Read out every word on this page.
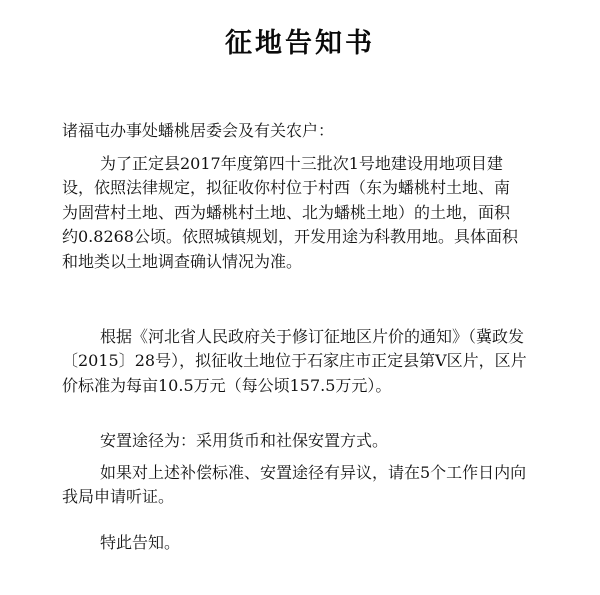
征地告知书
诸福屯办事处蟠桃居委会及有关农户：
为了正定县2017年度第四十三批次1号地建设用地项目建
设，依照法律规定，拟征收你村位于村西（东为蟠桃村土地、南
为固营村土地、西为蟠桃村土地、北为蟠桃土地）的土地，面积
约0.8268公顷。依照城镇规划，开发用途为科教用地。具体面积
和地类以土地调查确认情况为准。
根据《河北省人民政府关于修订征地区片价的通知》（冀政发
〔2015〕28号），拟征收土地位于石家庄市正定县第Ⅴ区片，区片
价标准为每亩10.5万元（每公顷157.5万元）。
安置途径为：采用货币和社保安置方式。
如果对上述补偿标准、安置途径有异议，请在5个工作日内向
我局申请听证。
特此告知。
